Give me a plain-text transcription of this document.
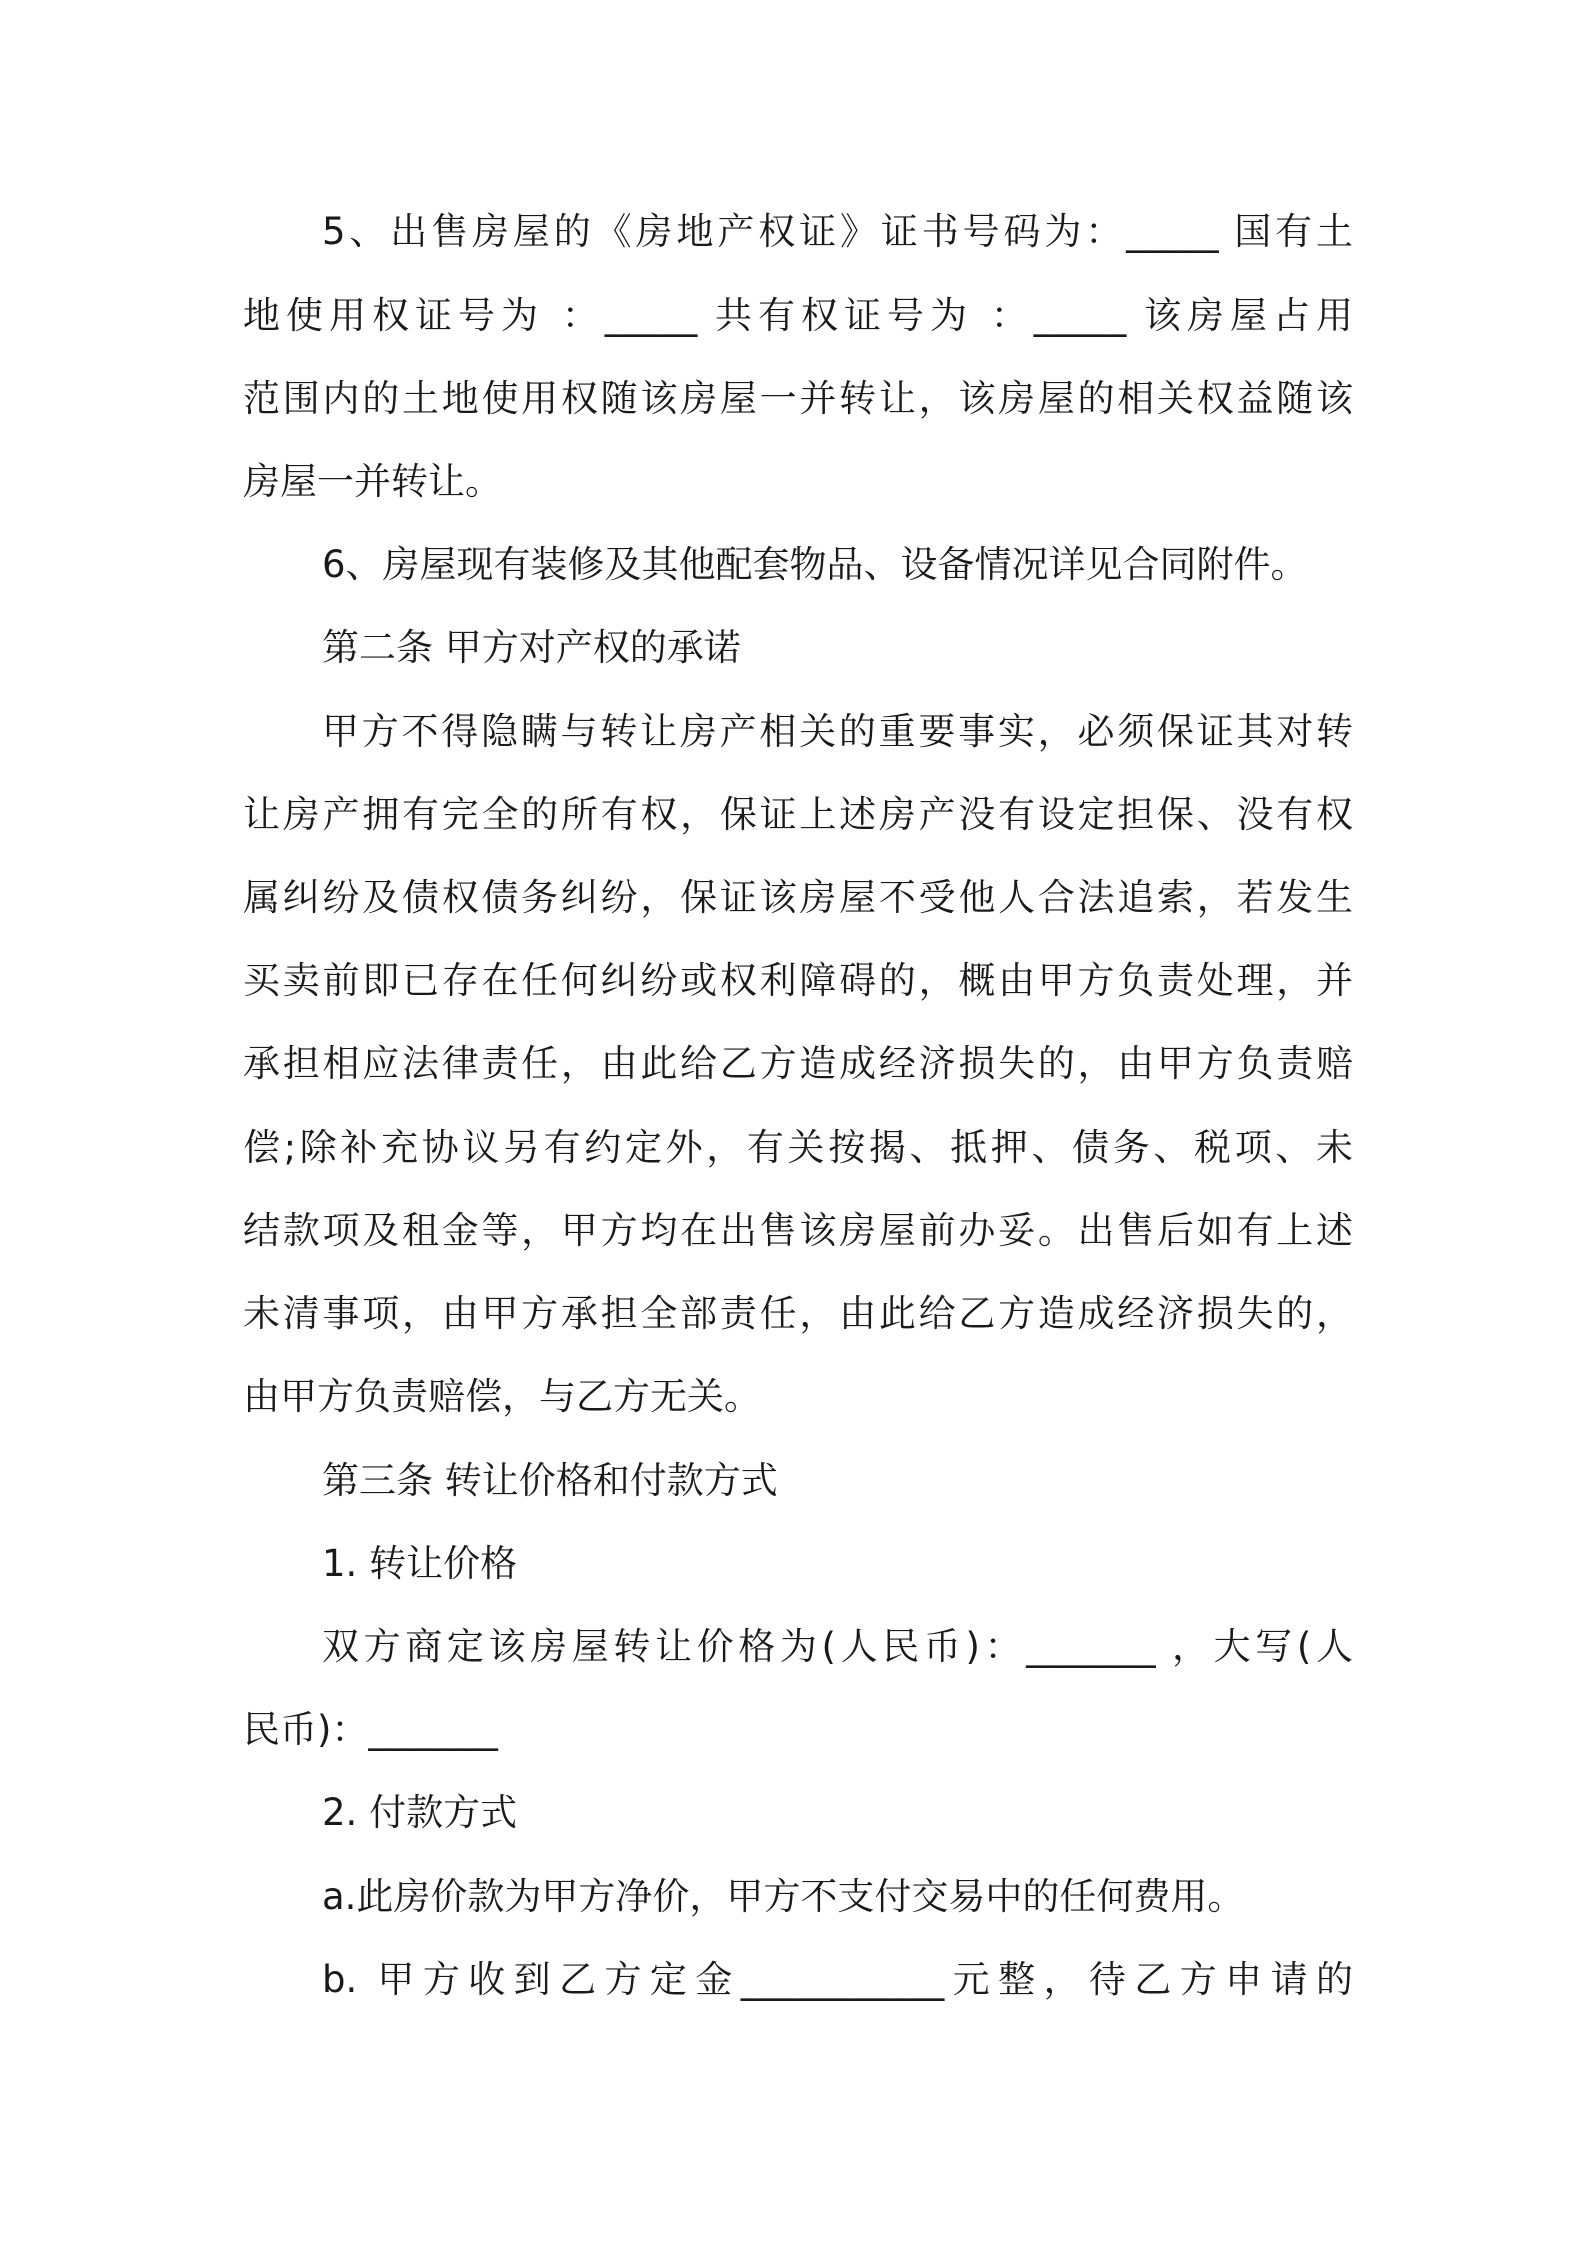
5、出售房屋的《房地产权证》证书号码为：_____ 国有土
地使用权证号为 ：_____ 共有权证号为 ：_____ 该房屋占用
范围内的土地使用权随该房屋一并转让，该房屋的相关权益随该
房屋一并转让。
6、房屋现有装修及其他配套物品、设备情况详见合同附件。
第二条 甲方对产权的承诺
甲方不得隐瞒与转让房产相关的重要事实，必须保证其对转
让房产拥有完全的所有权，保证上述房产没有设定担保、没有权
属纠纷及债权债务纠纷，保证该房屋不受他人合法追索，若发生
买卖前即已存在任何纠纷或权利障碍的，概由甲方负责处理，并
承担相应法律责任，由此给乙方造成经济损失的，由甲方负责赔
偿;除补充协议另有约定外，有关按揭、抵押、债务、税项、未
结款项及租金等，甲方均在出售该房屋前办妥。出售后如有上述
未清事项，由甲方承担全部责任，由此给乙方造成经济损失的，
由甲方负责赔偿，与乙方无关。
第三条 转让价格和付款方式
1. 转让价格
双方商定该房屋转让价格为(人民币)：_______ ，大写(人
民币)：_______
2. 付款方式
a.此房价款为甲方净价，甲方不支付交易中的任何费用。
b. 甲方收到乙方定金___________元整，待乙方申请的
